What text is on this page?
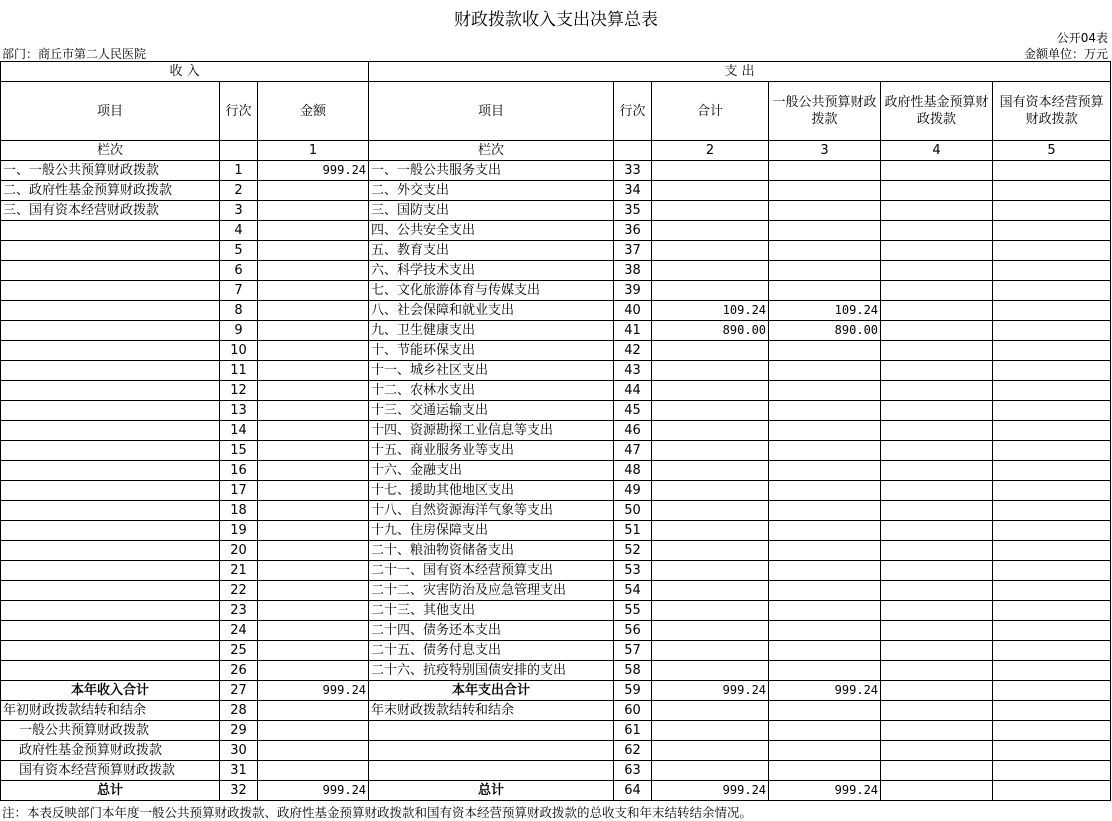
财政拨款收入支出决算总表
公开04表
部门：商丘市第二人民医院	金额单位：万元
收 入			支 出					
项目	行次	金额	项目	行次	合计	一般公共预算财政拨款	政府性基金预算财政拨款	国有资本经营预算财政拨款
栏次		1	栏次		2	3	4	5
一、一般公共预算财政拨款	1	999.24	一、一般公共服务支出	33				
二、政府性基金预算财政拨款	2		二、外交支出	34				
三、国有资本经营财政拨款	3		三、国防支出	35				
	4		四、公共安全支出	36				
	5		五、教育支出	37				
	6		六、科学技术支出	38				
	7		七、文化旅游体育与传媒支出	39				
	8		八、社会保障和就业支出	40	109.24	109.24		
	9		九、卫生健康支出	41	890.00	890.00		
	10		十、节能环保支出	42				
	11		十一、城乡社区支出	43				
	12		十二、农林水支出	44				
	13		十三、交通运输支出	45				
	14		十四、资源勘探工业信息等支出	46				
	15		十五、商业服务业等支出	47				
	16		十六、金融支出	48				
	17		十七、援助其他地区支出	49				
	18		十八、自然资源海洋气象等支出	50				
	19		十九、住房保障支出	51				
	20		二十、粮油物资储备支出	52				
	21		二十一、国有资本经营预算支出	53				
	22		二十二、灾害防治及应急管理支出	54				
	23		二十三、其他支出	55				
	24		二十四、债务还本支出	56				
	25		二十五、债务付息支出	57				
	26		二十六、抗疫特别国债安排的支出	58				
本年收入合计	27	999.24	本年支出合计	59	999.24	999.24		
年初财政拨款结转和结余	28		年末财政拨款结转和结余	60				
一般公共预算财政拨款	29			61				
政府性基金预算财政拨款	30			62				
国有资本经营预算财政拨款	31			63				
总计	32	999.24	总计	64	999.24	999.24		
注：本表反映部门本年度一般公共预算财政拨款、政府性基金预算财政拨款和国有资本经营预算财政拨款的总收支和年末结转结余情况。
